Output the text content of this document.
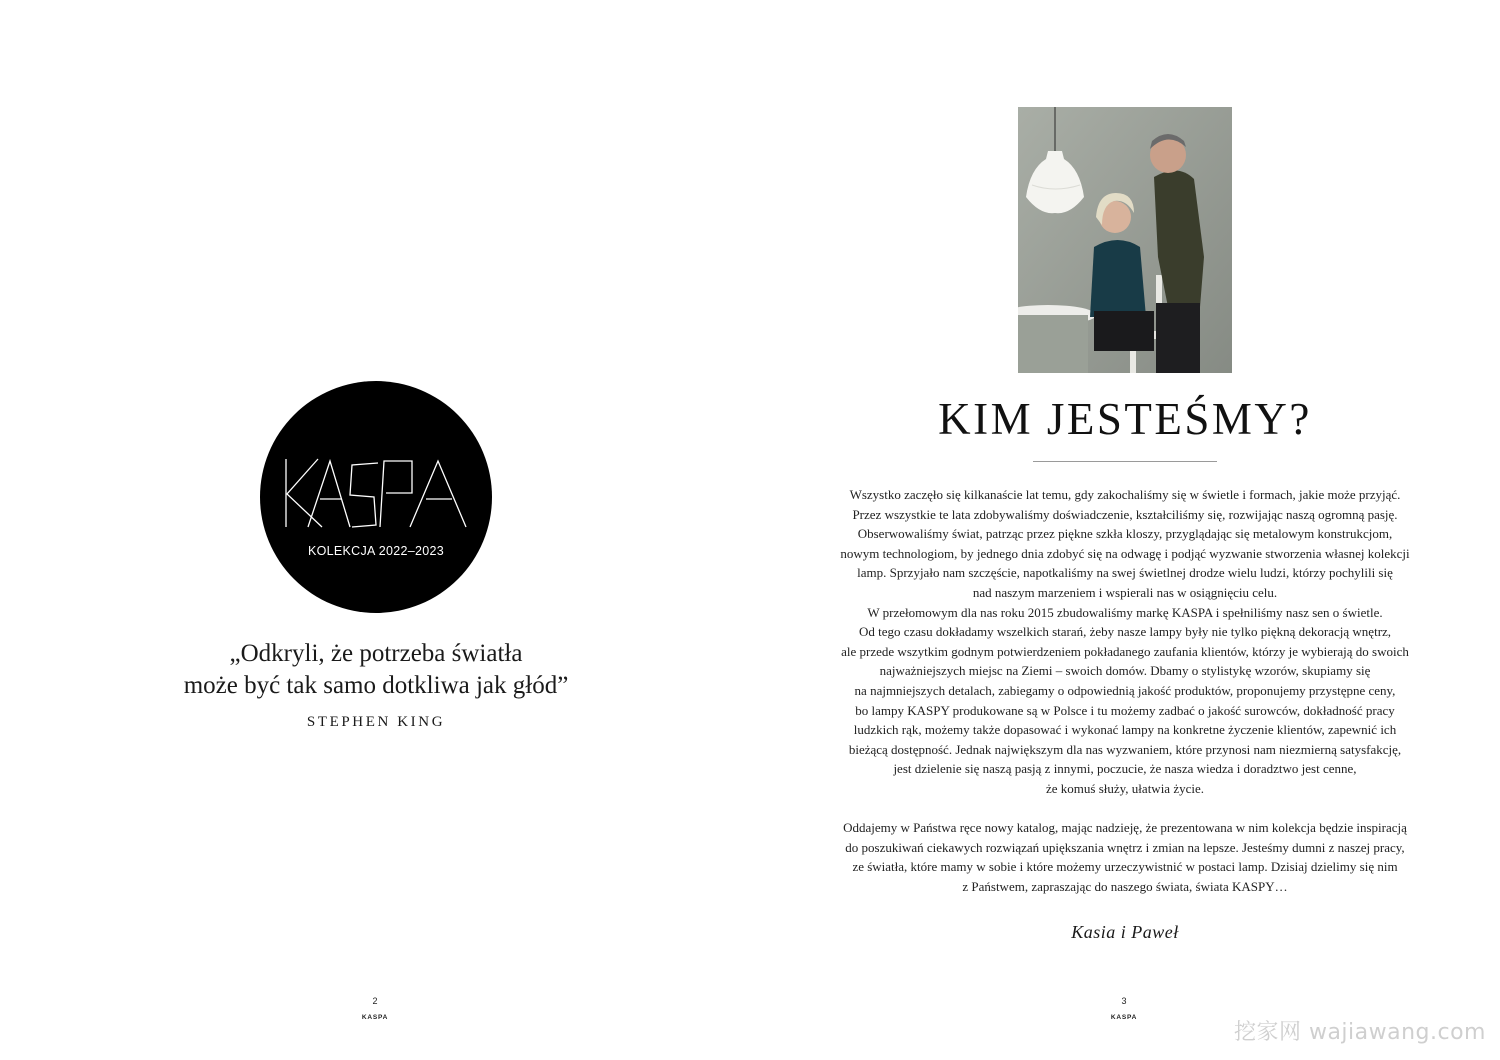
KOLEKCJA 2022–2023
„Odkryli, że potrzeba światła
może być tak samo dotkliwa jak głód”
STEPHEN KING
2
KASPA
KIM JESTEŚMY?
Wszystko zaczęło się kilkanaście lat temu, gdy zakochaliśmy się w świetle i formach, jakie może przyjąć.
Przez wszystkie te lata zdobywaliśmy doświadczenie, kształciliśmy się, rozwijając naszą ogromną pasję.
Obserwowaliśmy świat, patrząc przez piękne szkła kloszy, przyglądając się metalowym konstrukcjom,
nowym technologiom, by jednego dnia zdobyć się na odwagę i podjąć wyzwanie stworzenia własnej kolekcji
lamp. Sprzyjało nam szczęście, napotkaliśmy na swej świetlnej drodze wielu ludzi, którzy pochylili się
nad naszym marzeniem i wspierali nas w osiągnięciu celu.
W przełomowym dla nas roku 2015 zbudowaliśmy markę KASPA i spełniliśmy nasz sen o świetle.
Od tego czasu dokładamy wszelkich starań, żeby nasze lampy były nie tylko piękną dekoracją wnętrz,
ale przede wszytkim godnym potwierdzeniem pokładanego zaufania klientów, którzy je wybierają do swoich
najważniejszych miejsc na Ziemi – swoich domów. Dbamy o stylistykę wzorów, skupiamy się
na najmniejszych detalach, zabiegamy o odpowiednią jakość produktów, proponujemy przystępne ceny,
bo lampy KASPY produkowane są w Polsce i tu możemy zadbać o jakość surowców, dokładność pracy
ludzkich rąk, możemy także dopasować i wykonać lampy na konkretne życzenie klientów, zapewnić ich
bieżącą dostępność. Jednak największym dla nas wyzwaniem, które przynosi nam niezmierną satysfakcję,
jest dzielenie się naszą pasją z innymi, poczucie, że nasza wiedza i doradztwo jest cenne,
że komuś służy, ułatwia życie.
Oddajemy w Państwa ręce nowy katalog, mając nadzieję, że prezentowana w nim kolekcja będzie inspiracją
do poszukiwań ciekawych rozwiązań upiększania wnętrz i zmian na lepsze. Jesteśmy dumni z naszej pracy,
ze światła, które mamy w sobie i które możemy urzeczywistnić w postaci lamp. Dzisiaj dzielimy się nim
z Państwem, zapraszając do naszego świata, świata KASPY…
Kasia i Paweł
3
KASPA
挖家网 wajiawang.com
